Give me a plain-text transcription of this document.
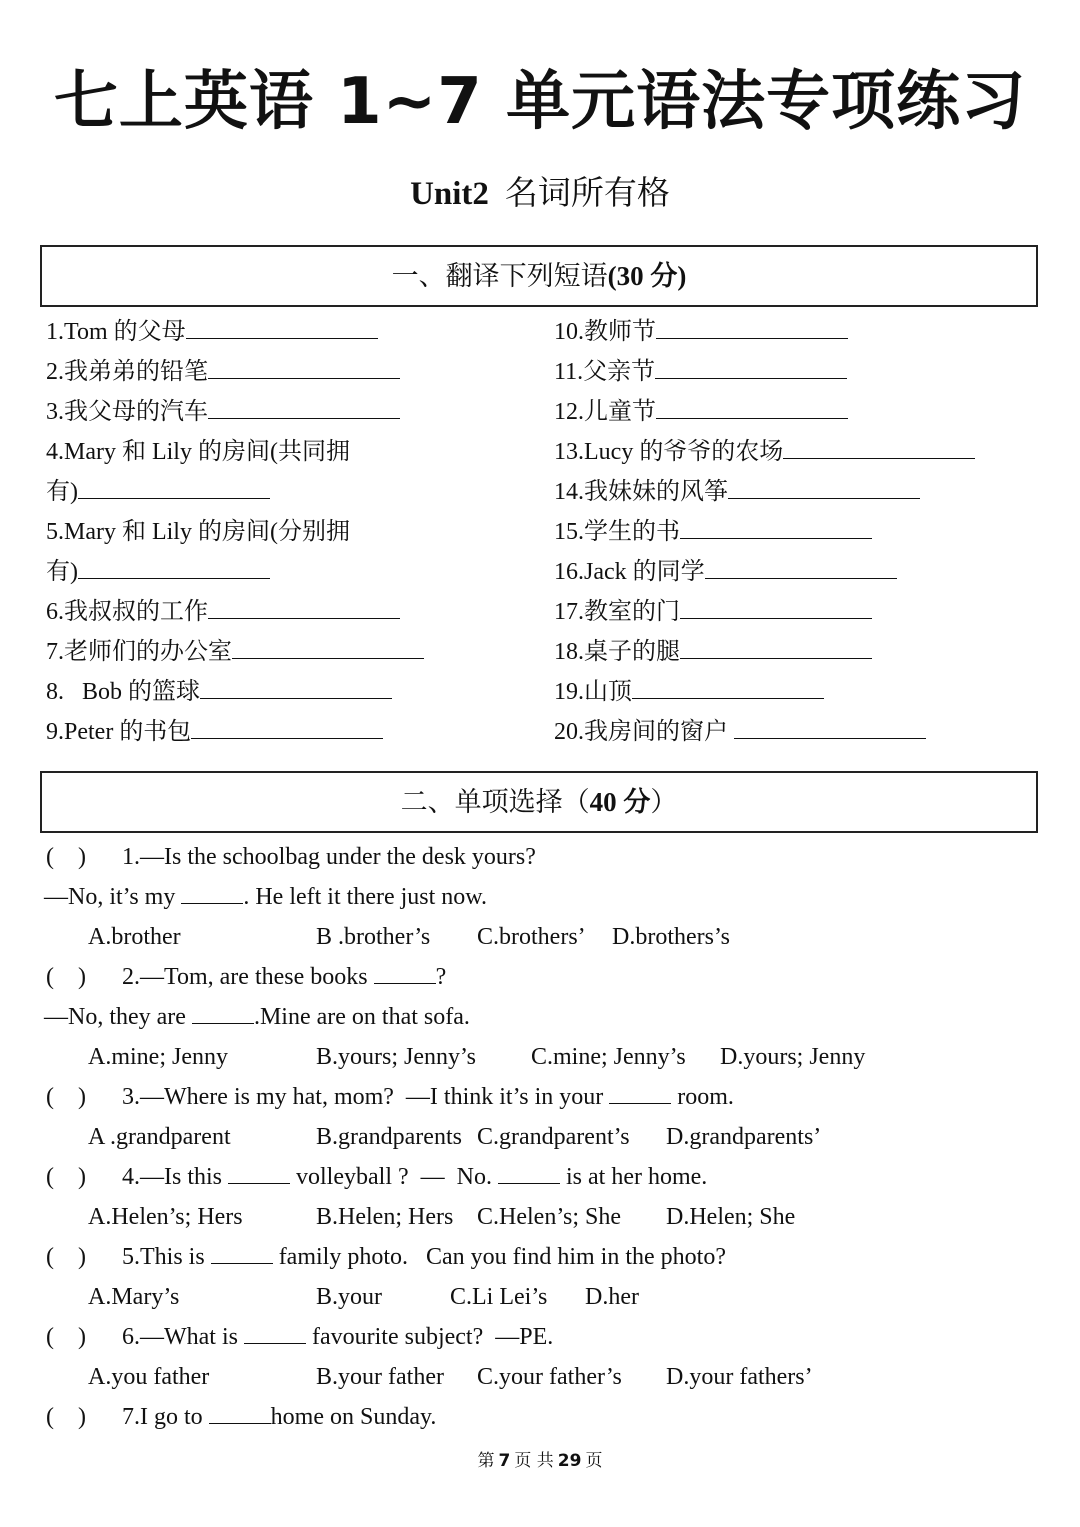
七上英语 1~7 单元语法专项练习
Unit2 名词所有格
一、翻译下列短语(30 分)
1.Tom 的父母
2.我弟弟的铅笔
3.我父母的汽车
4.Mary 和 Lily 的房间(共同拥
有)
5.Mary 和 Lily 的房间(分别拥
有)
6.我叔叔的工作
7.老师们的办公室
8.   Bob 的篮球
9.Peter 的书包
10.教师节
11.父亲节
12.儿童节
13.Lucy 的爷爷的农场
14.我妹妹的风筝
15.学生的书
16.Jack 的同学
17.教室的门
18.桌子的腿
19.山顶
20.我房间的窗户
二、单项选择（40 分）
(    ) 1.—Is the schoolbag under the desk yours?
—No, it’s my	. He left it there just now.
A.brother	B .brother’s C.brothers’ D.brothers’s
(    ) 2.—Tom, are these books	?
—No, they are	.Mine are on that sofa.
A.mine; Jenny	B.yours; Jenny’s C.mine; Jenny’s D.yours; Jenny
(    ) 3.—Where is my hat, mom?  —I think it’s in your	room.
A .grandparent	B.grandparents C.grandparent’s D.grandparents’
(    ) 4.—Is this	volleyball ?  —  No.	is at her home.
A.Helen’s; Hers	B.Helen; Hers C.Helen’s; She D.Helen; She
(    ) 5.This is	family photo.   Can you find him in the photo?
A.Mary’s	B.your	C.Li Lei’s D.her
(    ) 6.—What is	favourite subject?  —PE.
A.you father	B.your father C.your father’s D.your fathers’
(    ) 7.I go to	home on Sunday.
第 7 页 共 29 页
